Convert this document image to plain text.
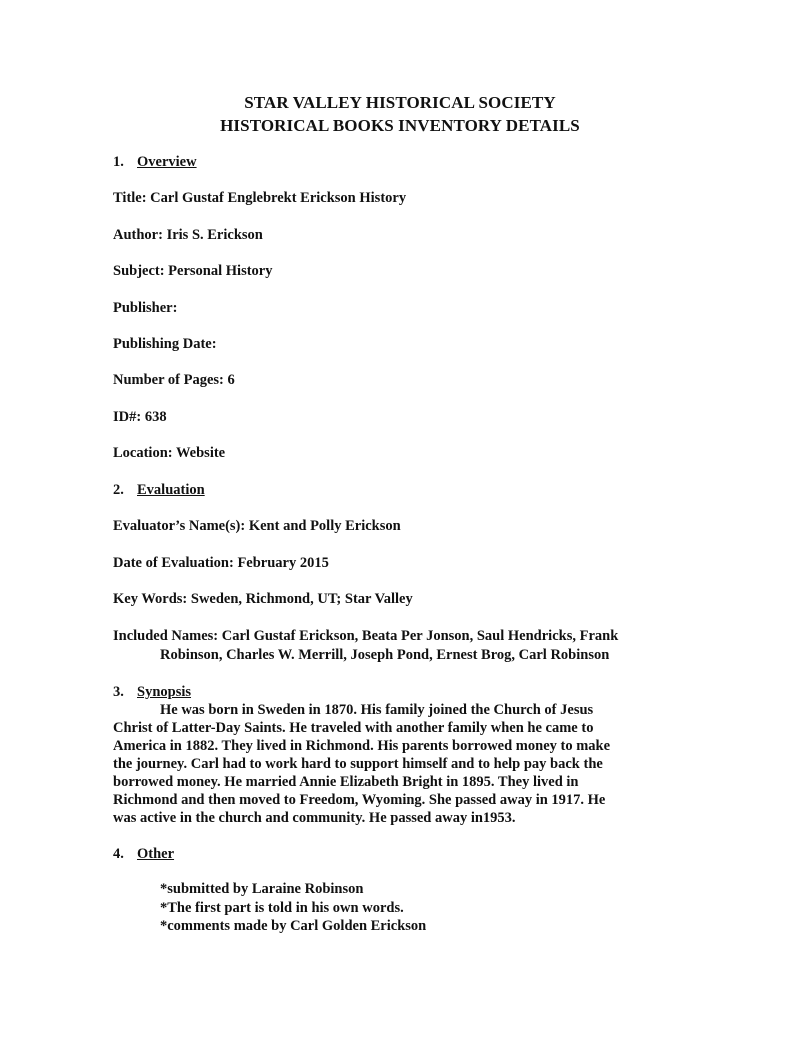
STAR VALLEY HISTORICAL SOCIETY
HISTORICAL BOOKS INVENTORY DETAILS
1. Overview
Title: Carl Gustaf Englebrekt Erickson History
Author: Iris S. Erickson
Subject: Personal History
Publisher:
Publishing Date:
Number of Pages: 6
ID#: 638
Location: Website
2. Evaluation
Evaluator’s Name(s): Kent and Polly Erickson
Date of Evaluation: February 2015
Key Words: Sweden, Richmond, UT; Star Valley
Included Names: Carl Gustaf Erickson, Beata Per Jonson, Saul Hendricks, Frank
Robinson, Charles W. Merrill, Joseph Pond, Ernest Brog, Carl Robinson
3. Synopsis
He was born in Sweden in 1870. His family joined the Church of Jesus
Christ of Latter-Day Saints. He traveled with another family when he came to
America in 1882. They lived in Richmond. His parents borrowed money to make
the journey. Carl had to work hard to support himself and to help pay back the
borrowed money. He married Annie Elizabeth Bright in 1895. They lived in
Richmond and then moved to Freedom, Wyoming. She passed away in 1917. He
was active in the church and community. He passed away in1953.
4. Other
*submitted by Laraine Robinson
*The first part is told in his own words.
*comments made by Carl Golden Erickson
